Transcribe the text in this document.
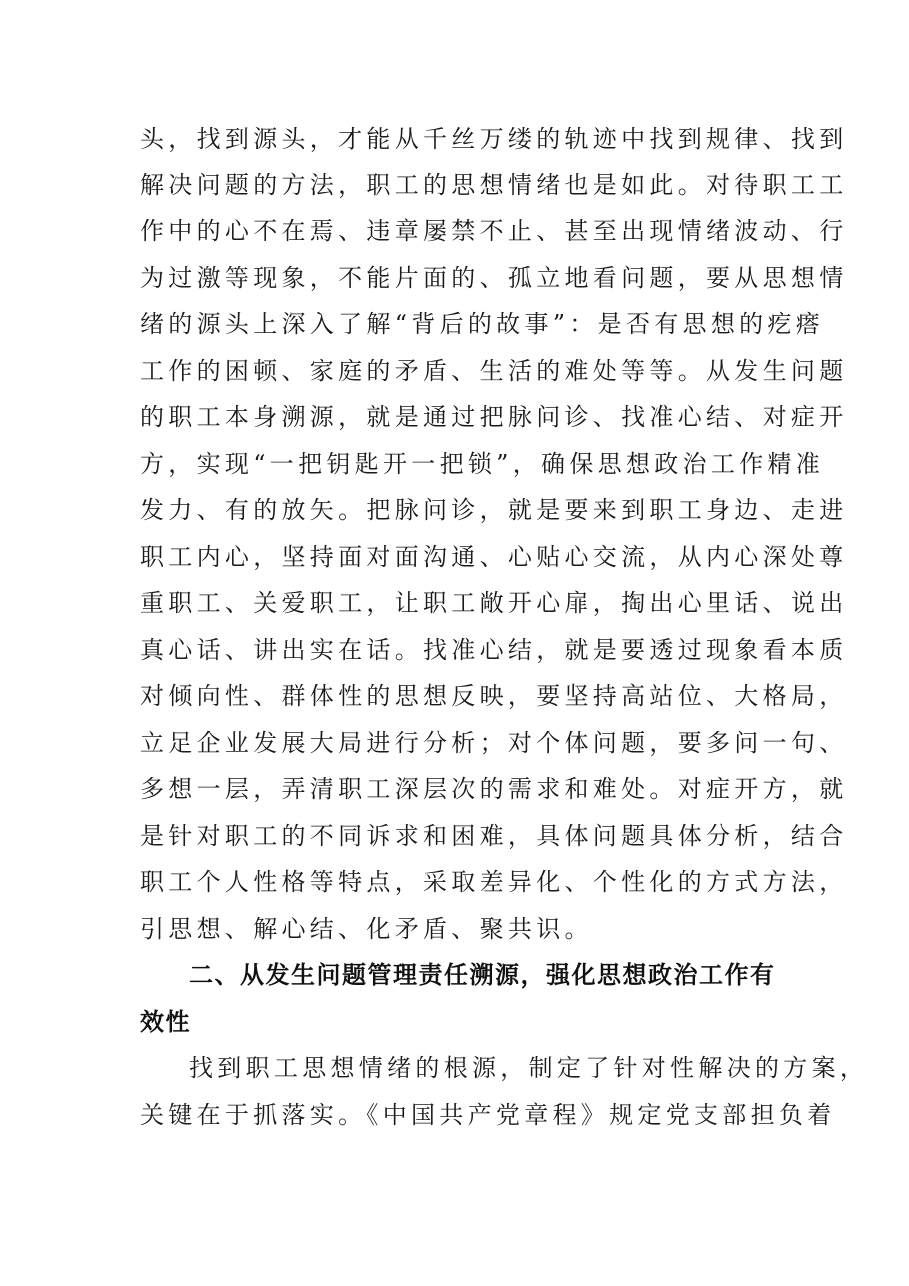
头，找到源头，才能从千丝万缕的轨迹中找到规律、找到
解决问题的方法，职工的思想情绪也是如此。对待职工工
作中的心不在焉、违章屡禁不止、甚至出现情绪波动、行
为过激等现象，不能片面的、孤立地看问题，要从思想情
绪的源头上深入了解“背后的故事”：是否有思想的疙瘩
工作的困顿、家庭的矛盾、生活的难处等等。从发生问题
的职工本身溯源，就是通过把脉问诊、找准心结、对症开
方，实现“一把钥匙开一把锁”，确保思想政治工作精准
发力、有的放矢。把脉问诊，就是要来到职工身边、走进
职工内心，坚持面对面沟通、心贴心交流，从内心深处尊
重职工、关爱职工，让职工敞开心扉，掏出心里话、说出
真心话、讲出实在话。找准心结，就是要透过现象看本质
对倾向性、群体性的思想反映，要坚持高站位、大格局，
立足企业发展大局进行分析；对个体问题，要多问一句、
多想一层，弄清职工深层次的需求和难处。对症开方，就
是针对职工的不同诉求和困难，具体问题具体分析，结合
职工个人性格等特点，采取差异化、个性化的方式方法，
引思想、解心结、化矛盾、聚共识。
二、从发生问题管理责任溯源，强化思想政治工作有
效性
找到职工思想情绪的根源，制定了针对性解决的方案，
关键在于抓落实。《中国共产党章程》规定党支部担负着
